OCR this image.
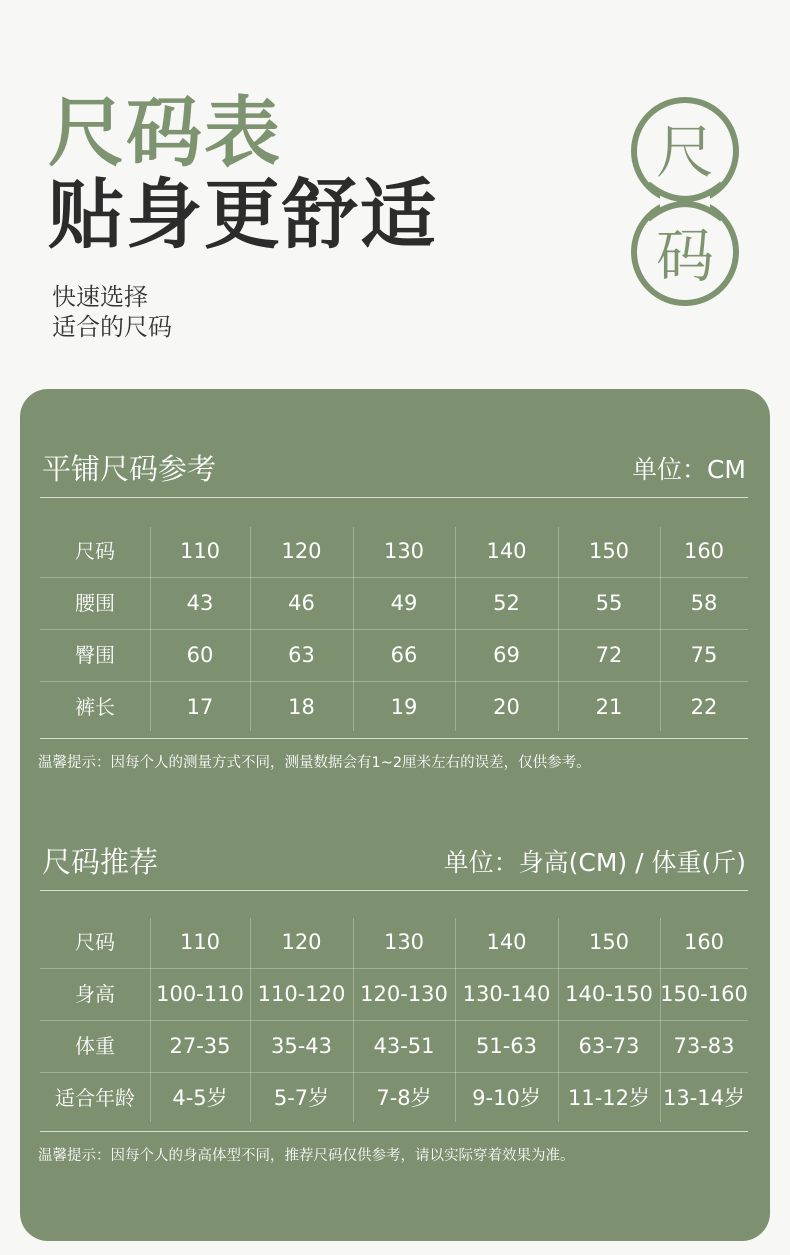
尺码表
贴身更舒适
快速选择
适合的尺码
尺
码
平铺尺码参考	单位：CM
尺码	110	120	130	140	150	160
腰围	43	46	49	52	55	58
臀围	60	63	66	69	72	75
裤长	17	18	19	20	21	22
温馨提示：因每个人的测量方式不同，测量数据会有1~2厘米左右的误差，仅供参考。
尺码推荐	单位：身高(CM) / 体重(斤)
尺码	110	120	130	140	150	160
身高	100-110 110-120 120-130 130-140 140-150 150-160
体重	27-35	35-43	43-51	51-63	63-73	73-83
适合年龄	4-5岁	5-7岁	7-8岁	9-10岁	11-12岁 13-14岁
温馨提示：因每个人的身高体型不同，推荐尺码仅供参考，请以实际穿着效果为准。
